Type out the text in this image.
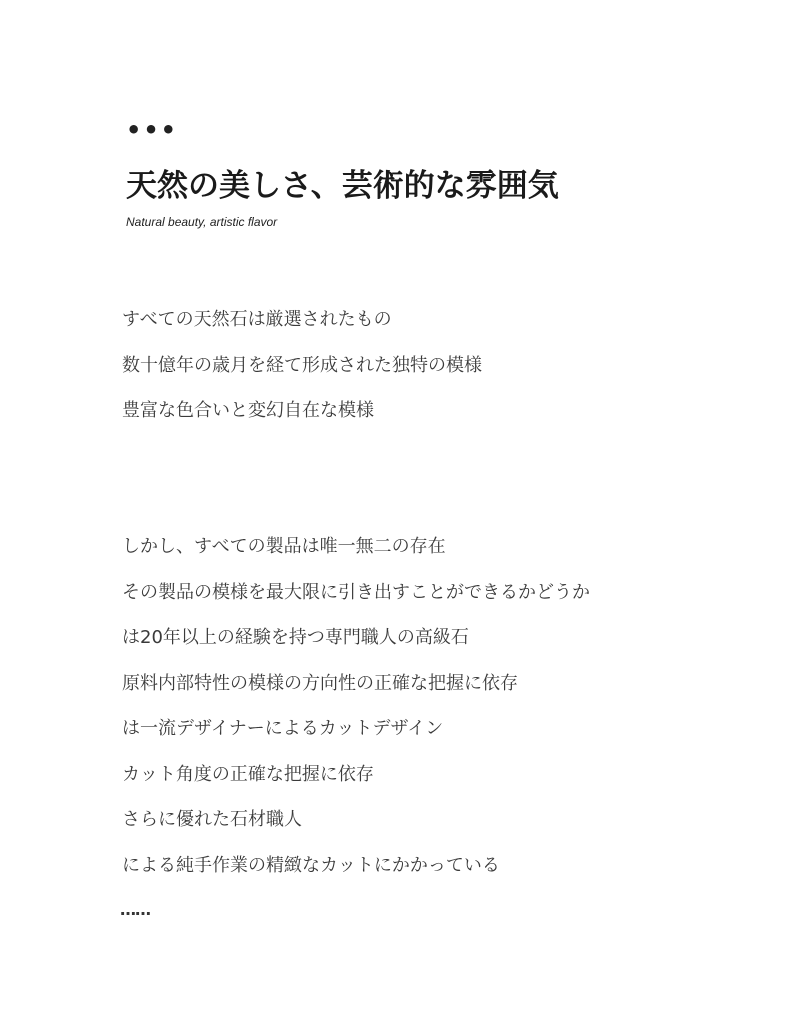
•••
天然の美しさ、芸術的な雰囲気
Natural beauty, artistic flavor
すべての天然石は厳選されたもの
数十億年の歳月を経て形成された独特の模様
豊富な色合いと変幻自在な模様
しかし、すべての製品は唯一無二の存在
その製品の模様を最大限に引き出すことができるかどうか
は20年以上の経験を持つ専門職人の高級石
原料内部特性の模様の方向性の正確な把握に依存
は一流デザイナーによるカットデザイン
カット角度の正確な把握に依存
さらに優れた石材職人
による純手作業の精緻なカットにかかっている
……
